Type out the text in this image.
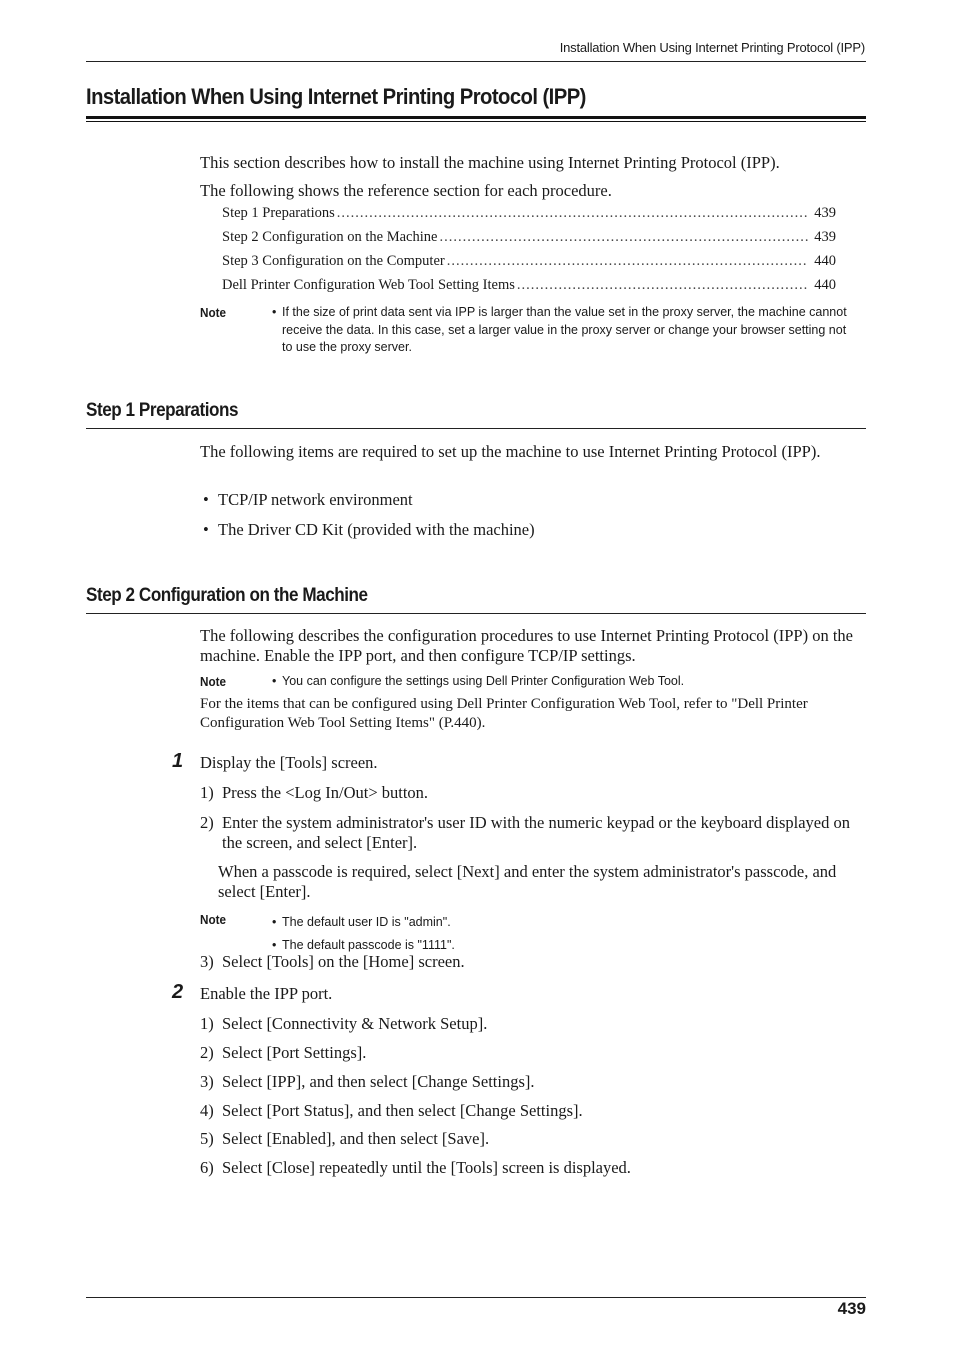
Installation When Using Internet Printing Protocol (IPP)
Installation When Using Internet Printing Protocol (IPP)
This section describes how to install the machine using Internet Printing Protocol (IPP).
The following shows the reference section for each procedure.
Step 1 Preparations .....	439
Step 2 Configuration on the Machine .....	439
Step 3 Configuration on the Computer .....	440
Dell Printer Configuration Web Tool Setting Items .....	440
Note	• If the size of print data sent via IPP is larger than the value set in the proxy server, the machine cannot
receive the data. In this case, set a larger value in the proxy server or change your browser setting not
to use the proxy server.
Step 1 Preparations
The following items are required to set up the machine to use Internet Printing Protocol (IPP).
• TCP/IP network environment
• The Driver CD Kit (provided with the machine)
Step 2 Configuration on the Machine
The following describes the configuration procedures to use Internet Printing Protocol (IPP) on the machine. Enable the IPP port, and then configure TCP/IP settings.
Note	• You can configure the settings using Dell Printer Configuration Web Tool.
For the items that can be configured using Dell Printer Configuration Web Tool, refer to "Dell Printer Configuration Web Tool Setting Items" (P.440).
1 Display the [Tools] screen.
1) Press the <Log In/Out> button.
2) Enter the system administrator's user ID with the numeric keypad or the keyboard displayed on the screen, and select [Enter].
When a passcode is required, select [Next] and enter the system administrator's passcode, and select [Enter].
Note	• The default user ID is "admin".
• The default passcode is "1111".
3) Select [Tools] on the [Home] screen.
2 Enable the IPP port.
1) Select [Connectivity & Network Setup].
2) Select [Port Settings].
3) Select [IPP], and then select [Change Settings].
4) Select [Port Status], and then select [Change Settings].
5) Select [Enabled], and then select [Save].
6) Select [Close] repeatedly until the [Tools] screen is displayed.
439
